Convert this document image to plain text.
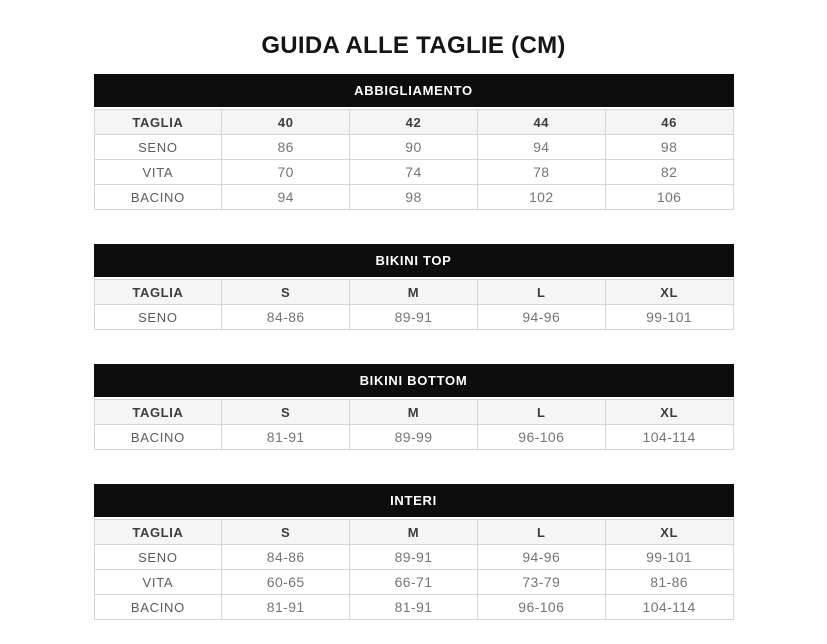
GUIDA ALLE TAGLIE (CM)
ABBIGLIAMENTO
TAGLIA	40	42	44	46
SENO	86	90	94	98
VITA	70	74	78	82
BACINO	94	98	102	106
BIKINI TOP
TAGLIA	S	M	L	XL
SENO	84-86	89-91	94-96	99-101
BIKINI BOTTOM
TAGLIA	S	M	L	XL
BACINO	81-91	89-99	96-106	104-114
INTERI
TAGLIA	S	M	L	XL
SENO	84-86	89-91	94-96	99-101
VITA	60-65	66-71	73-79	81-86
BACINO	81-91	81-91	96-106	104-114
